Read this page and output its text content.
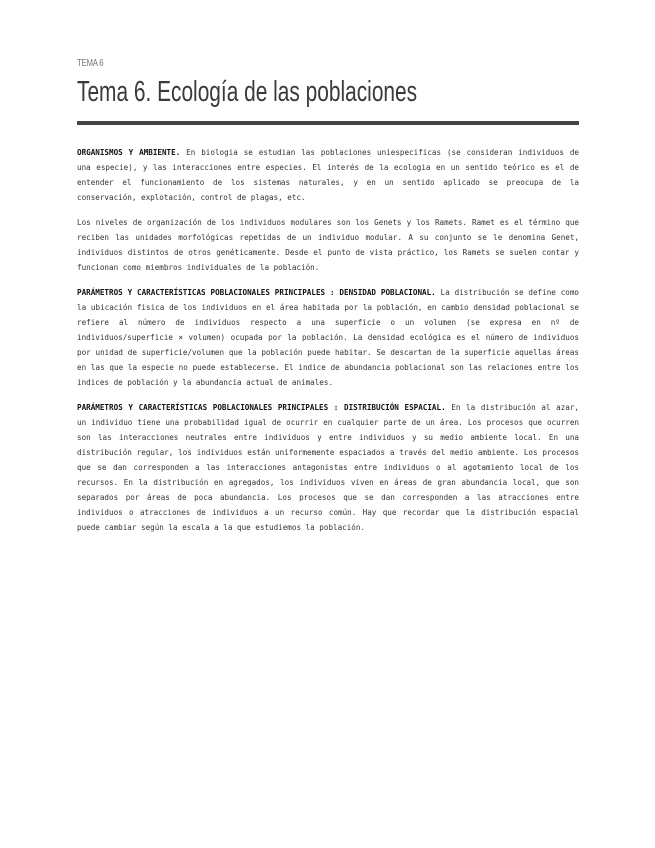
TEMA 6
Tema 6. Ecología de las poblaciones

ORGANISMOS Y AMBIENTE. En biologia se estudian las poblaciones uniespecificas (se consideran individuos de una especie), y las interacciones entre especies. El interés de la ecologia en un sentido teórico es el de entender el funcionamiento de los sistemas naturales, y en un sentido aplicado se preocupa de la conservación, explotación, control de plagas, etc.

Los niveles de organización de los individuos modulares son los Genets y los Ramets. Ramet es el término que reciben las unidades morfológicas repetidas de un individuo modular. A su conjunto se le denomina Genet, individuos distintos de otros genéticamente. Desde el punto de vista práctico, los Ramets se suelen contar y funcionan como miembros individuales de la población.

PARÁMETROS Y CARACTERÍSTICAS POBLACIONALES PRINCIPALES : DENSIDAD POBLACIONAL. La distribución se define como la ubicación fisica de los individuos en el área habitada por la población, en cambio densidad poblacional se refiere al número de individuos respecto a una superficie o un volumen (se expresa en nº de individuos/superficie × volumen) ocupada por la población. La densidad ecológica es el número de individuos por unidad de superficie/volumen que la población puede habitar. Se descartan de la superficie aquellas áreas en las que la especie no puede establecerse. El indice de abundancia poblacional son las relaciones entre los indices de población y la abundancia actual de animales.

PARÁMETROS Y CARACTERÍSTICAS POBLACIONALES PRINCIPALES : DISTRIBUCIÓN ESPACIAL. En la distribución al azar, un individuo tiene una probabilidad igual de ocurrir en cualquier parte de un área. Los procesos que ocurren son las interacciones neutrales entre individuos y entre individuos y su medio ambiente local. En una distribución regular, los individuos están uniformemente espaciados a través del medio ambiente. Los procesos que se dan corresponden a las interacciones antagonistas entre individuos o al agotamiento local de los recursos. En la distribución en agregados, los individuos viven en áreas de gran abundancia local, que son separados por áreas de poca abundancia. Los procesos que se dan corresponden a las atracciones entre individuos o atracciones de individuos a un recurso común. Hay que recordar que la distribución espacial puede cambiar según la escala a la que estudiemos la población.
